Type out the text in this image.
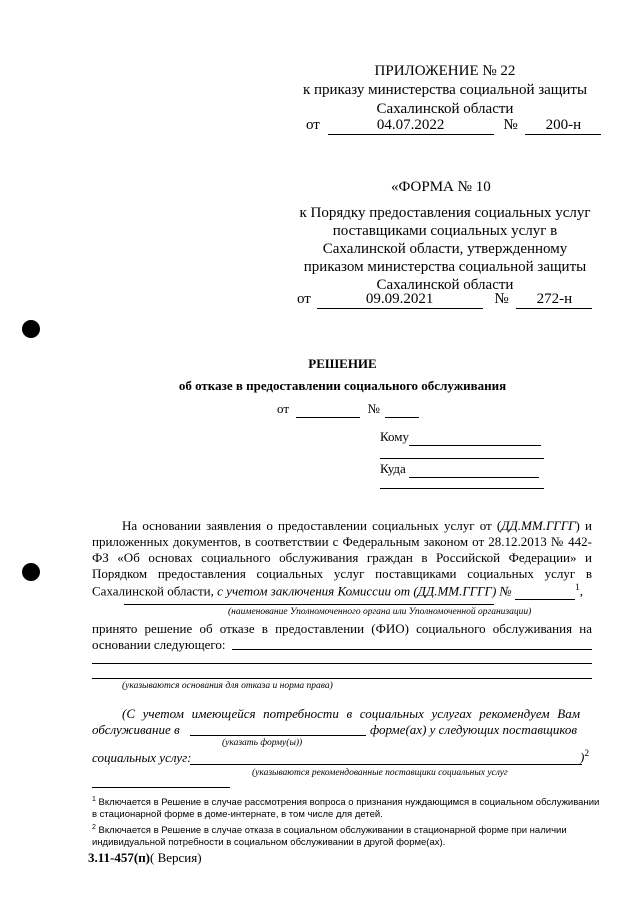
ПРИЛОЖЕНИЕ № 22
к приказу министерства социальной защиты
Сахалинской области
от	04.07.2022	№ 200-н
«ФОРМА № 10
к Порядку предоставления социальных услуг
поставщиками социальных услуг в
Сахалинской области, утвержденному
приказом министерства социальной защиты
Сахалинской области
от	09.09.2021	№ 272-н
РЕШЕНИЕ
об отказе в предоставлении социального обслуживания
от	№
Кому
Куда
На основании заявления о предоставлении социальных услуг от (ДД.ММ.ГГГГ) и приложенных документов, в соответствии с Федеральным законом от 28.12.2013 № 442-ФЗ «Об основах социального обслуживания граждан в Российской Федерации» и Порядком предоставления социальных услуг поставщиками социальных услуг в Сахалинской области, с учетом заключения Комиссии от (ДД.ММ.ГГГГ) №	$^1$,
(наименование Уполномоченного органа или Уполномоченной организации)
принято решение об отказе в предоставлении (ФИО) социального обслуживания на основании следующего:
(указываются основания для отказа и норма права)
(С учетом имеющейся потребности в социальных услугах рекомендуем Вам обслуживание в	форме(ах) у следующих поставщиков
(указать форму(ы))
социальных услуг:	)$^2$
(указываются рекомендованные поставщики социальных услуг
$^1$ Включается в Решение в случае рассмотрения вопроса о признания нуждающимся в социальном обслуживании в стационарной форме в доме-интернате, в том числе для детей.
$^2$ Включается в Решение в случае отказа в социальном обслуживании в стационарной форме при наличии индивидуальной потребности в социальном обслуживании в другой форме(ах).
3.11-457(п)( Версия)
